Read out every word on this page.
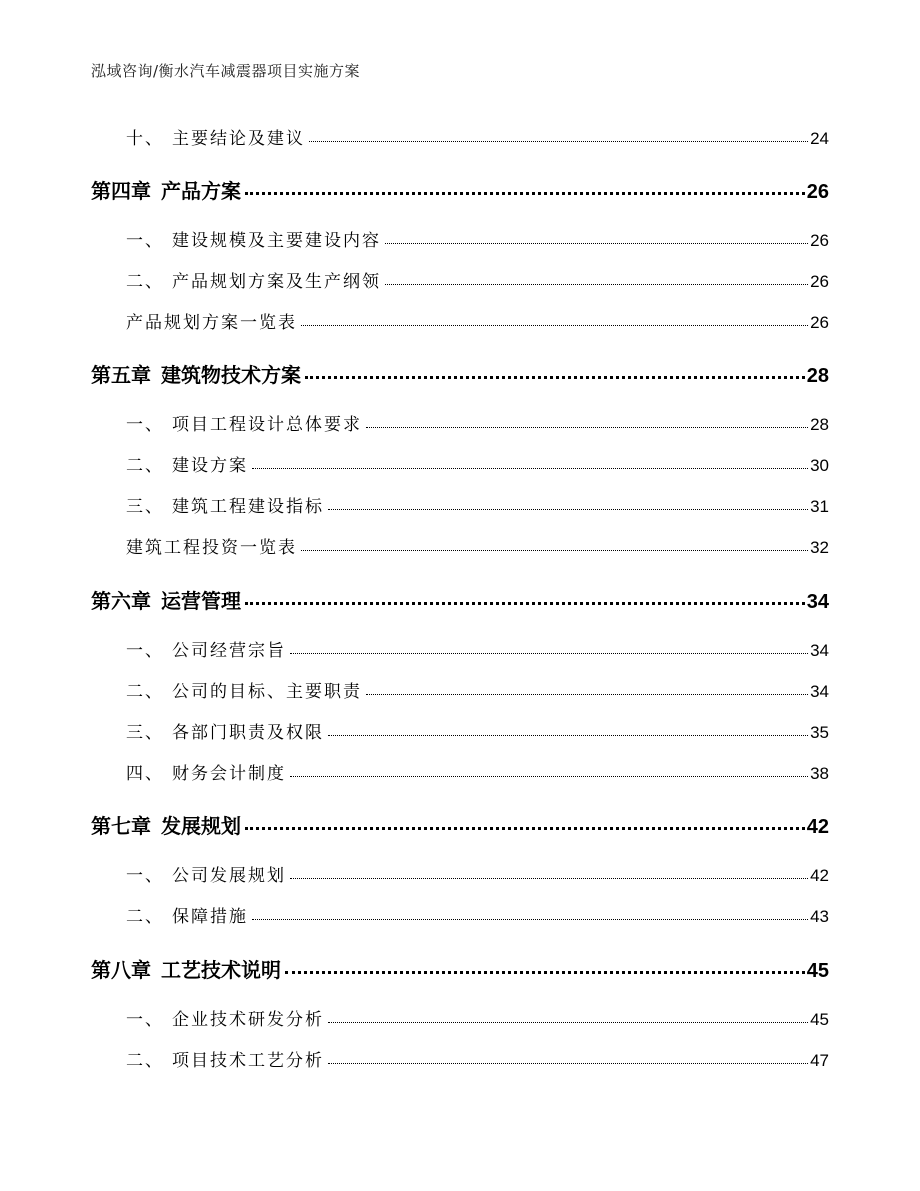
泓域咨询/衡水汽车减震器项目实施方案
十、 主要结论及建议	24
第四章 产品方案	26
一、 建设规模及主要建设内容	26
二、 产品规划方案及生产纲领	26
产品规划方案一览表	26
第五章 建筑物技术方案	28
一、 项目工程设计总体要求	28
二、 建设方案	30
三、 建筑工程建设指标	31
建筑工程投资一览表	32
第六章 运营管理	34
一、 公司经营宗旨	34
二、 公司的目标、主要职责	34
三、 各部门职责及权限	35
四、 财务会计制度	38
第七章 发展规划	42
一、 公司发展规划	42
二、 保障措施	43
第八章 工艺技术说明	45
一、 企业技术研发分析	45
二、 项目技术工艺分析	47
